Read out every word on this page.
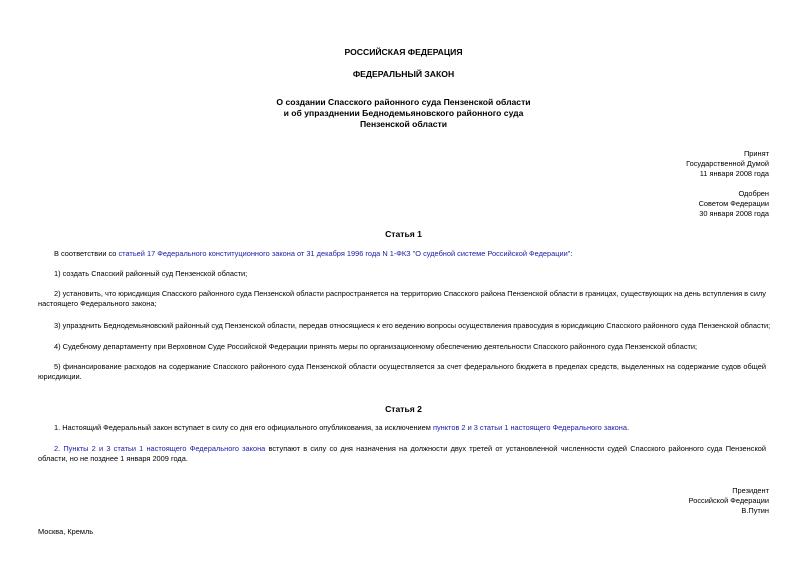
РОССИЙСКАЯ ФЕДЕРАЦИЯ
ФЕДЕРАЛЬНЫЙ ЗАКОН
О создании Спасского районного суда Пензенской области
и об упразднении Беднодемьяновского районного суда
Пензенской области
Принят
Государственной Думой
11 января 2008 года
Одобрен
Советом Федерации
30 января 2008 года
Статья 1
В соответствии со статьей 17 Федерального конституционного закона от 31 декабря 1996 года N 1-ФКЗ "О судебной системе Российской Федерации":
1) создать Спасский районный суд Пензенской области;
2) установить, что юрисдикция Спасского районного суда Пензенской области распространяется на территорию Спасского района Пензенской области в границах, существующих на день вступления в силу настоящего Федерального закона;
3) упразднить Беднодемьяновский районный суд Пензенской области, передав относящиеся к его ведению вопросы осуществления правосудия в юрисдикцию Спасского районного суда Пензенской области;
4) Судебному департаменту при Верховном Суде Российской Федерации принять меры по организационному обеспечению деятельности Спасского районного суда Пензенской области;
5) финансирование расходов на содержание Спасского районного суда Пензенской области осуществляется за счет федерального бюджета в пределах средств, выделенных на содержание судов общей юрисдикции.
Статья 2
1. Настоящий Федеральный закон вступает в силу со дня его официального опубликования, за исключением пунктов 2 и 3 статьи 1 настоящего Федерального закона.
2. Пункты 2 и 3 статьи 1 настоящего Федерального закона вступают в силу со дня назначения на должности двух третей от установленной численности судей Спасского районного суда Пензенской области, но не позднее 1 января 2009 года.
Президент
Российской Федерации
В.Путин
Москва, Кремль
